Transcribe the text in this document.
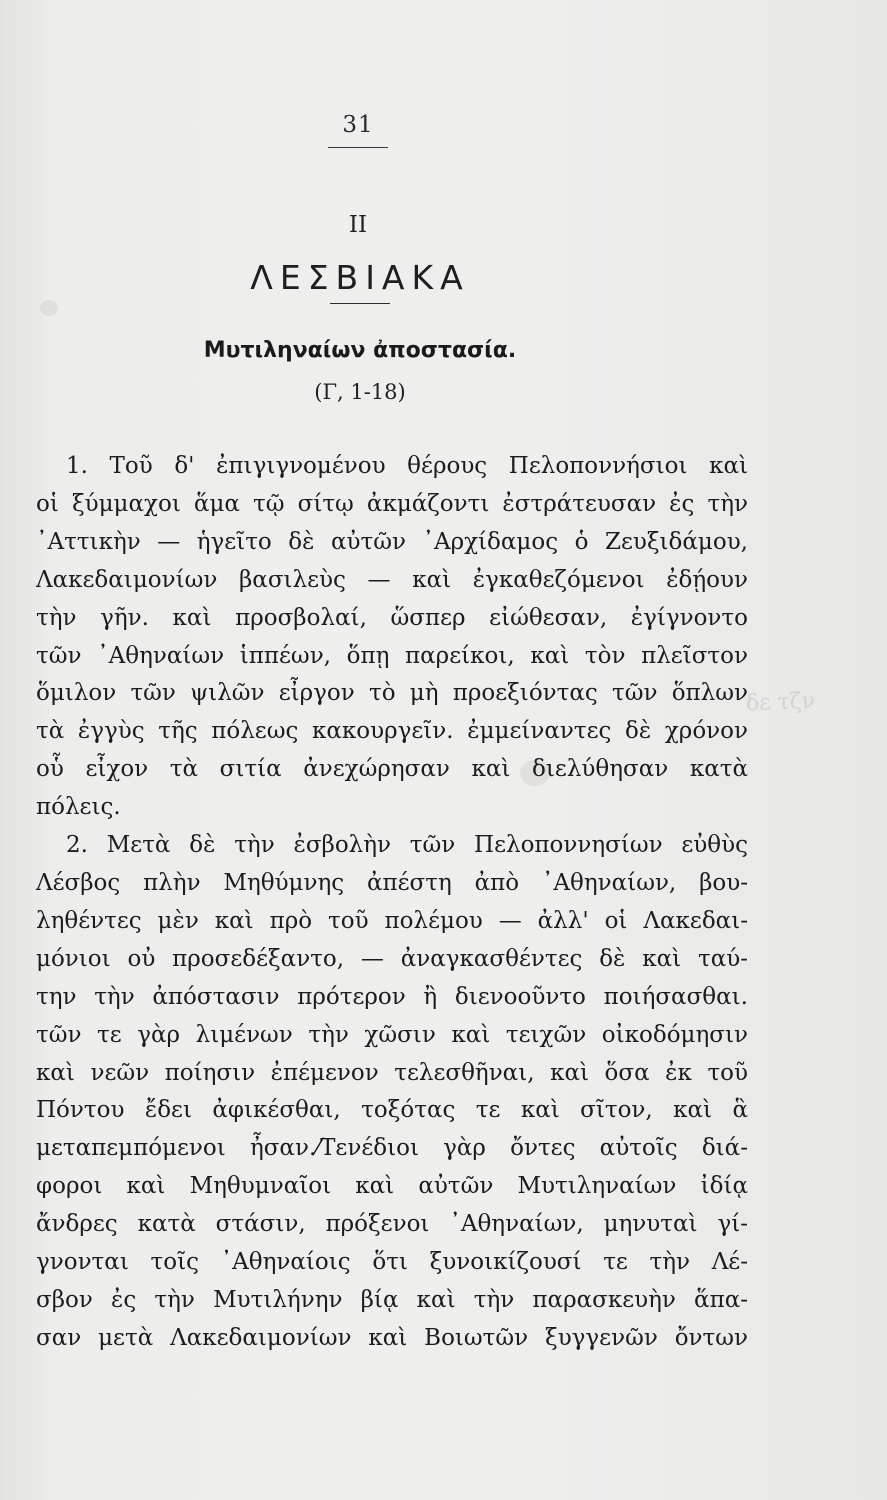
δε τζν
31
II
ΛΕΣΒΙΑΚΑ
Μυτιληναίων ἀποστασία.
(Γ, 1-18)
1. Τοῦ δ' ἐπιγιγνομένου θέρους Πελοποννήσιοι καὶ
οἱ ξύμμαχοι ἅμα τῷ σίτῳ ἀκμάζοντι ἐστράτευσαν ἐς τὴν
᾿Αττικὴν — ἡγεῖτο δὲ αὐτῶν ᾿Αρχίδαμος ὁ Ζευξιδάμου,
Λακεδαιμονίων βασιλεὺς — καὶ ἐγκαθεζόμενοι ἐδῄουν
τὴν γῆν. καὶ προσβολαί, ὥσπερ εἰώθεσαν, ἐγίγνοντο
τῶν ᾿Αθηναίων ἱππέων, ὅπῃ παρείκοι, καὶ τὸν πλεῖστον
ὅμιλον τῶν ψιλῶν εἶργον τὸ μὴ προεξιόντας τῶν ὅπλων
τὰ ἐγγὺς τῆς πόλεως κακουργεῖν. ἐμμείναντες δὲ χρόνον
οὗ εἶχον τὰ σιτία ἀνεχώρησαν καὶ διελύθησαν κατὰ
πόλεις.
2. Μετὰ δὲ τὴν ἐσβολὴν τῶν Πελοποννησίων εὐθὺς
Λέσβος πλὴν Μηθύμνης ἀπέστη ἀπὸ ᾿Αθηναίων, βου-
ληθέντες μὲν καὶ πρὸ τοῦ πολέμου — ἀλλ' οἱ Λακεδαι-
μόνιοι οὐ προσεδέξαντο, — ἀναγκασθέντες δὲ καὶ ταύ-
την τὴν ἀπόστασιν πρότερον ἢ διενοοῦντο ποιήσασθαι.
τῶν τε γὰρ λιμένων τὴν χῶσιν καὶ τειχῶν οἰκοδόμησιν
καὶ νεῶν ποίησιν ἐπέμενον τελεσθῆναι, καὶ ὅσα ἐκ τοῦ
Πόντου ἔδει ἀφικέσθαι, τοξότας τε καὶ σῖτον, καὶ ἃ
μεταπεμπόμενοι ἦσαν.⁄Τενέδιοι γὰρ ὄντες αὐτοῖς διά-
φοροι καὶ Μηθυμναῖοι καὶ αὐτῶν Μυτιληναίων ἰδίᾳ
ἄνδρες κατὰ στάσιν, πρόξενοι ᾿Αθηναίων, μηνυταὶ γί-
γνονται τοῖς ᾿Αθηναίοις ὅτι ξυνοικίζουσί τε τὴν Λέ-
σβον ἐς τὴν Μυτιλήνην βίᾳ καὶ τὴν παρασκευὴν ἅπα-
σαν μετὰ Λακεδαιμονίων καὶ Βοιωτῶν ξυγγενῶν ὄντων
